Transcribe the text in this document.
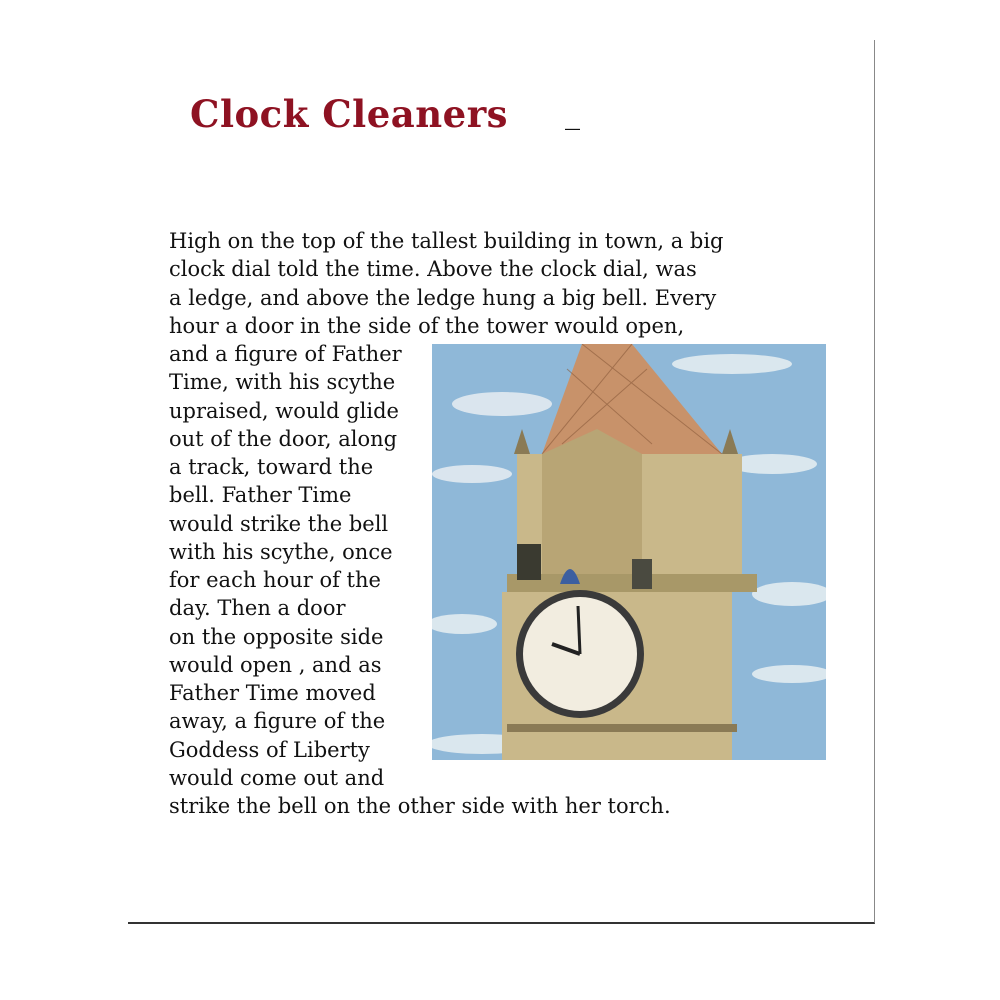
Clock Cleaners _
High on the top of the tallest building in town, a big
clock dial told the time. Above the clock dial, was
a ledge, and above the ledge hung a big bell. Every
hour a door in the side of the tower would open,
and a figure of Father
Time, with his scythe
upraised, would glide
out of the door, along
a track, toward the
bell. Father Time
would strike the bell
with his scythe, once
for each hour of the
day. Then a door
on the opposite side
would open , and as
Father Time moved
away, a figure of the
Goddess of Liberty
would come out and
strike the bell on the other side with her torch.
